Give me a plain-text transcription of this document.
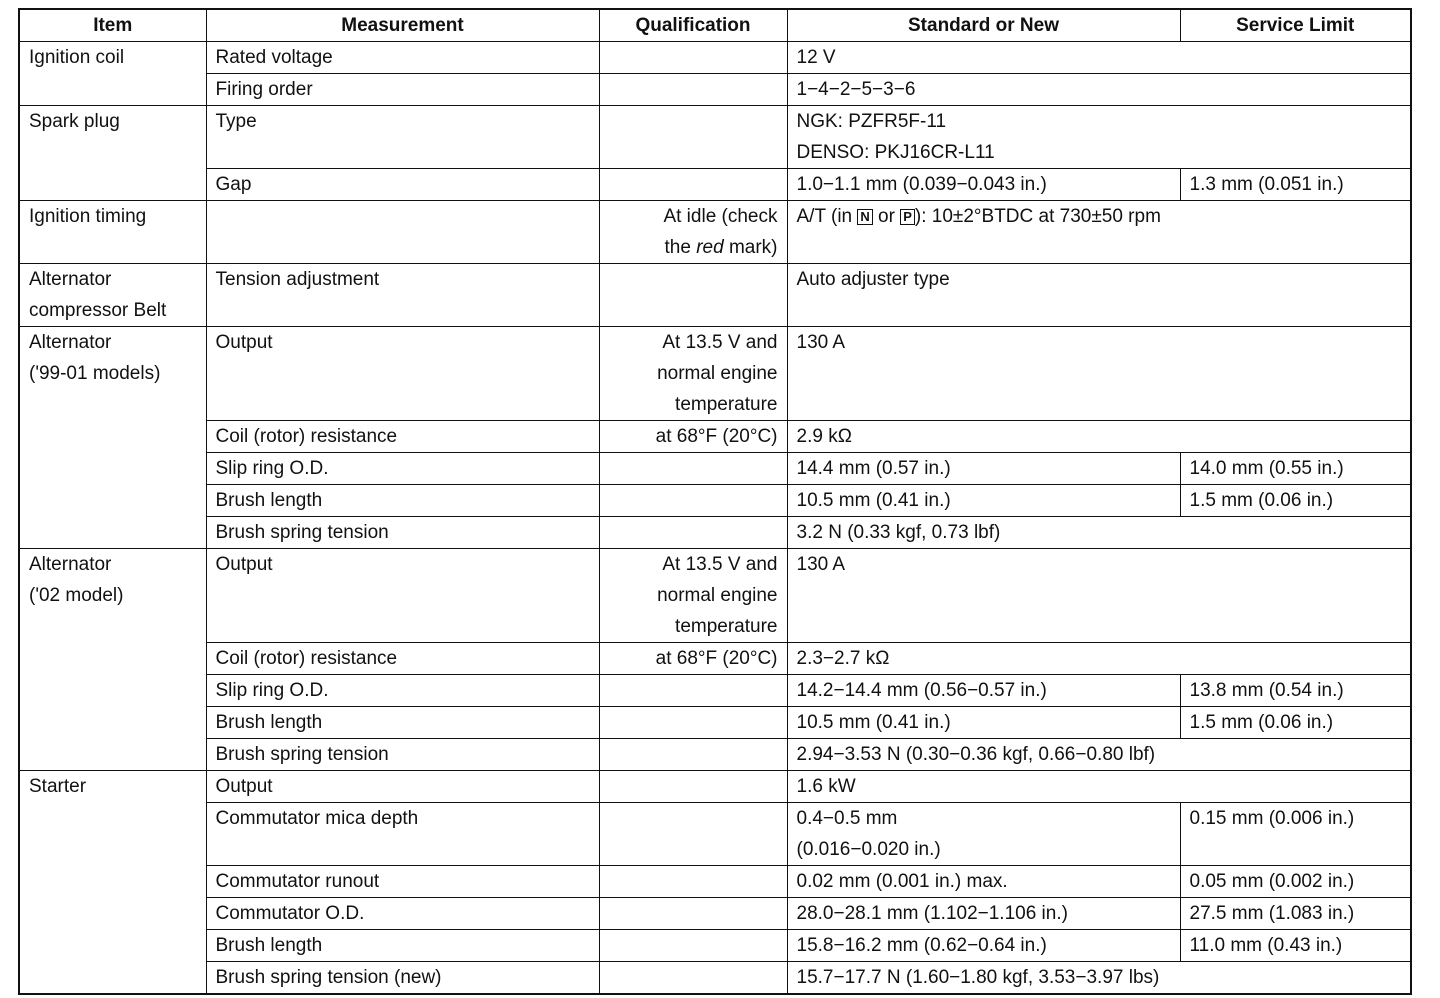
Item	Measurement	Qualification	Standard or New	Service Limit
Ignition coil	Rated voltage		12 V	
	Firing order		1−4−2−5−3−6	
Spark plug	Type		NGK: PZFR5F-11
DENSO: PKJ16CR-L11	
	Gap		1.0−1.1 mm (0.039−0.043 in.)	1.3 mm (0.051 in.)
Ignition timing		At idle (check
the red mark)	A/T (in N or P ): 10±2°BTDC at 730±50 rpm	
Alternator
compressor Belt	Tension adjustment		Auto adjuster type	
Alternator
('99-01 models)	Output	At 13.5 V and
normal engine
temperature	130 A	
	Coil (rotor) resistance	at 68°F (20°C)	2.9 kΩ	
	Slip ring O.D.		14.4 mm (0.57 in.)	14.0 mm (0.55 in.)
	Brush length		10.5 mm (0.41 in.)	1.5 mm (0.06 in.)
	Brush spring tension		3.2 N (0.33 kgf, 0.73 lbf)	
Alternator
('02 model)	Output	At 13.5 V and
normal engine
temperature	130 A	
	Coil (rotor) resistance	at 68°F (20°C)	2.3−2.7 kΩ	
	Slip ring O.D.		14.2−14.4 mm (0.56−0.57 in.)	13.8 mm (0.54 in.)
	Brush length		10.5 mm (0.41 in.)	1.5 mm (0.06 in.)
	Brush spring tension		2.94−3.53 N (0.30−0.36 kgf, 0.66−0.80 lbf)	
Starter	Output		1.6 kW	
	Commutator mica depth		0.4−0.5 mm
(0.016−0.020 in.)	0.15 mm (0.006 in.)
	Commutator runout		0.02 mm (0.001 in.) max.	0.05 mm (0.002 in.)
	Commutator O.D.		28.0−28.1 mm (1.102−1.106 in.)	27.5 mm (1.083 in.)
	Brush length		15.8−16.2 mm (0.62−0.64 in.)	11.0 mm (0.43 in.)
	Brush spring tension (new)		15.7−17.7 N (1.60−1.80 kgf, 3.53−3.97 lbs)	
